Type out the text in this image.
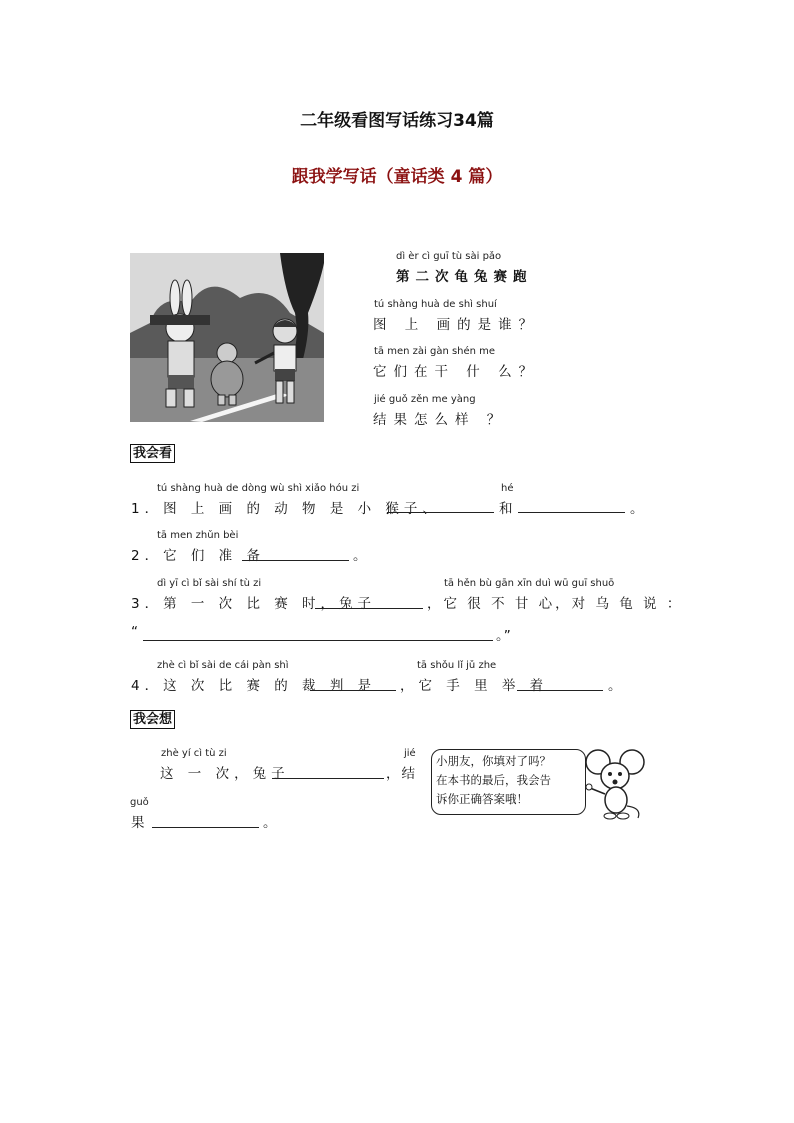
二年级看图写话练习34篇
跟我学写话（童话类 4 篇）
dì èr cì guī tù sài pǎo
第二次龟兔赛跑
tú shàng huà de shì shuí
图 上 画的是谁？
tā men zài gàn shén me
它们在干 什 么？
jié guǒ zěn me yàng
结果怎么样 ？
我会看
tú shàng huà de dòng wù shì xiǎo hóu zi	hé
1．图 上 画 的 动 物 是 小 猴子、	和	。
tā men zhǔn bèi
2．它 们 准 备	。
dì yī cì bǐ sài shí tù zi	tā hěn bù gān xīn duì wū guī shuō
3．第 一 次 比 赛 时，兔子	，它 很 不 甘 心，对 乌 龟 说 ：
“	。”
zhè cì bǐ sài de cái pàn shì	tā shǒu lǐ jǔ zhe
4．这 次 比 赛 的 裁 判 是 ，它 手 里 举 着	。
我会想
zhè yí cì tù zi	jié
这 一 次，兔子	，结
guǒ
果	。
小朋友，你填对了吗？
在本书的最后，我会告
诉你正确答案哦！
